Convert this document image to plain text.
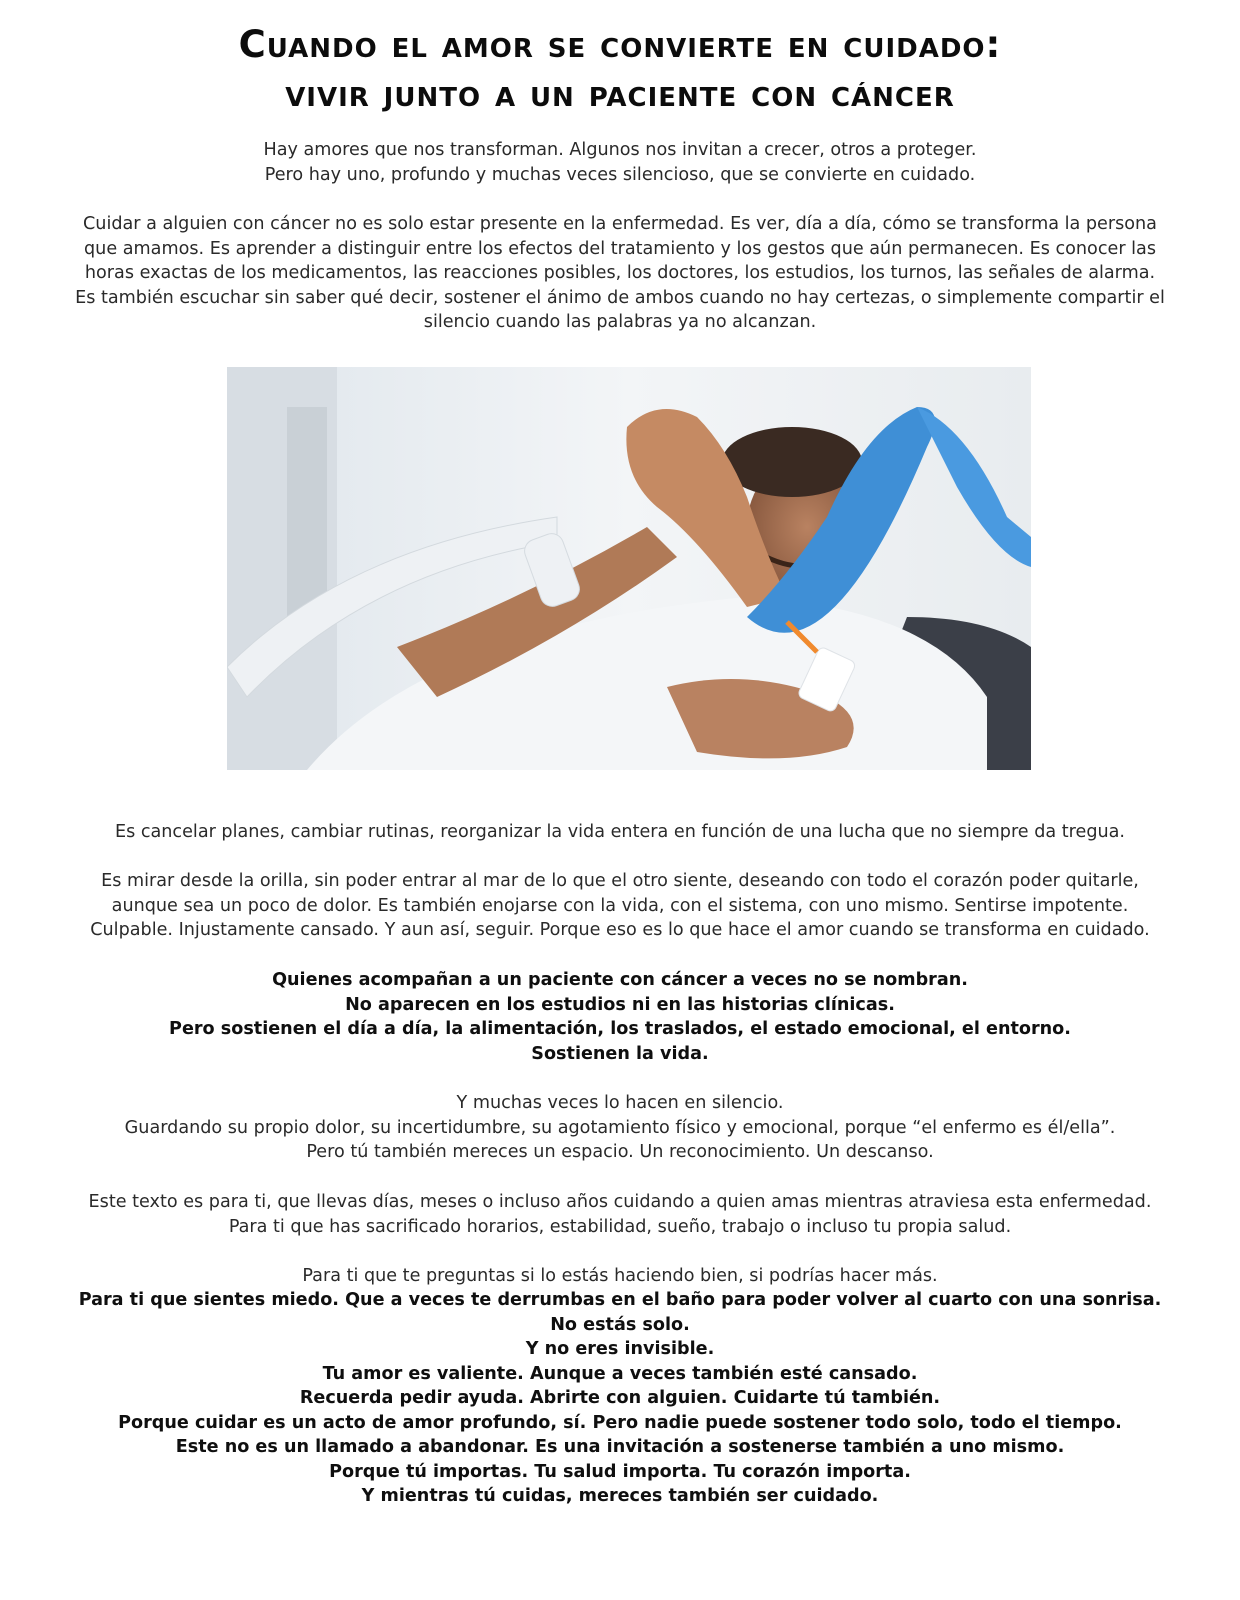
Cuando el amor se convierte en cuidado:
vivir junto a un paciente con cáncer

Hay amores que nos transforman. Algunos nos invitan a crecer, otros a proteger.

Pero hay uno, profundo y muchas veces silencioso, que se convierte en cuidado.

Cuidar a alguien con cáncer no es solo estar presente en la enfermedad. Es ver, día a día, cómo se transforma la persona

que amamos. Es aprender a distinguir entre los efectos del tratamiento y los gestos que aún permanecen. Es conocer las

horas exactas de los medicamentos, las reacciones posibles, los doctores, los estudios, los turnos, las señales de alarma.

Es también escuchar sin saber qué decir, sostener el ánimo de ambos cuando no hay certezas, o simplemente compartir el

silencio cuando las palabras ya no alcanzan.

Es cancelar planes, cambiar rutinas, reorganizar la vida entera en función de una lucha que no siempre da tregua.

Es mirar desde la orilla, sin poder entrar al mar de lo que el otro siente, deseando con todo el corazón poder quitarle,

aunque sea un poco de dolor. Es también enojarse con la vida, con el sistema, con uno mismo. Sentirse impotente.

Culpable. Injustamente cansado. Y aun así, seguir. Porque eso es lo que hace el amor cuando se transforma en cuidado.

Quienes acompañan a un paciente con cáncer a veces no se nombran.

No aparecen en los estudios ni en las historias clínicas.

Pero sostienen el día a día, la alimentación, los traslados, el estado emocional, el entorno.

Sostienen la vida.

Y muchas veces lo hacen en silencio.

Guardando su propio dolor, su incertidumbre, su agotamiento físico y emocional, porque “el enfermo es él/ella”.

Pero tú también mereces un espacio. Un reconocimiento. Un descanso.

Este texto es para ti, que llevas días, meses o incluso años cuidando a quien amas mientras atraviesa esta enfermedad.

Para ti que has sacrificado horarios, estabilidad, sueño, trabajo o incluso tu propia salud.

Para ti que te preguntas si lo estás haciendo bien, si podrías hacer más.

Para ti que sientes miedo. Que a veces te derrumbas en el baño para poder volver al cuarto con una sonrisa.

No estás solo.

Y no eres invisible.

Tu amor es valiente. Aunque a veces también esté cansado.

Recuerda pedir ayuda. Abrirte con alguien. Cuidarte tú también.

Porque cuidar es un acto de amor profundo, sí. Pero nadie puede sostener todo solo, todo el tiempo.

Este no es un llamado a abandonar. Es una invitación a sostenerse también a uno mismo.

Porque tú importas. Tu salud importa. Tu corazón importa.

Y mientras tú cuidas, mereces también ser cuidado.
